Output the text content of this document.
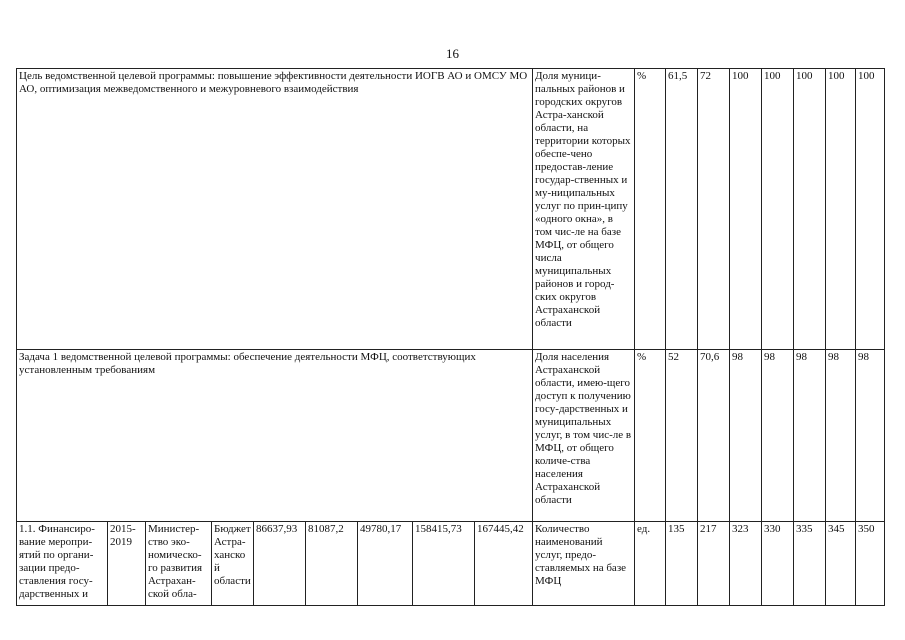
16
Цель ведомственной целевой программы: повышение эффективности деятельности ИОГВ АО и ОМСУ МО АО, оптимизация межведомственного и межуровневого взаимодействия									Доля муници-пальных районов и городских округов Астра-ханской области, на территории которых обеспе-чено предостав-ление государ-ственных и му-ниципальных услуг по прин-ципу «одного окна», в том чис-ле на базе МФЦ, от общего числа муниципальных районов и город-ских округов Астраханской области	%	61,5	72	100	100	100	100	100
Задача 1 ведомственной целевой программы: обеспечение деятельности МФЦ, соответствующих установленным требованиям									Доля населения Астраханской области, имею-щего доступ к получению госу-дарственных и муниципальных услуг, в том чис-ле в МФЦ, от общего количе-ства населения Астраханской области	%	52	70,6	98	98	98	98	98
1.1. Финансиро-вание меропри-ятий по органи-зации предо-ставления госу-дарственных и	2015-2019	Министер-ство эко-номическо-го развития Астрахан-ской обла-	Бюджет Астра-ханской области	86637,93	81087,2	49780,17	158415,73	167445,42	Количество наименований услуг, предо-ставляемых на базе МФЦ	ед.	135	217	323	330	335	345	350
